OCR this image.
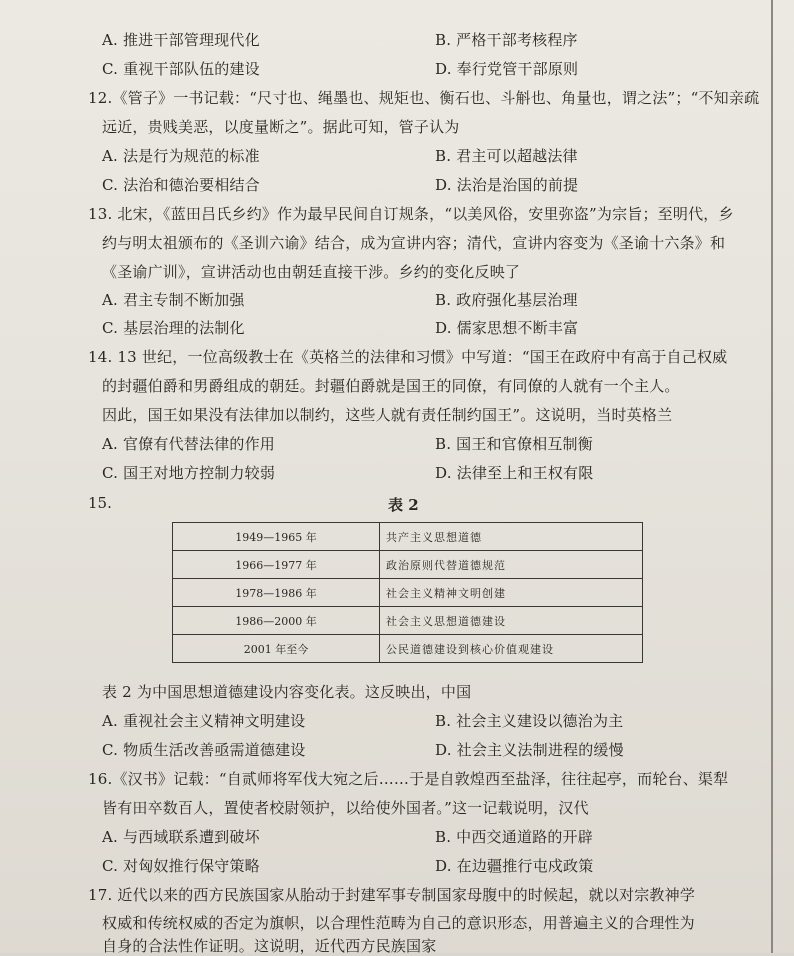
A. 推进干部管理现代化	B. 严格干部考核程序
C. 重视干部队伍的建设	D. 奉行党管干部原则
12.《管子》一书记载：“尺寸也、绳墨也、规矩也、衡石也、斗斛也、角量也，谓之法”；“不知亲疏
远近，贵贱美恶，以度量断之”。据此可知，管子认为
A. 法是行为规范的标准	B. 君主可以超越法律
C. 法治和德治要相结合	D. 法治是治国的前提
13. 北宋，《蓝田吕氏乡约》作为最早民间自订规条，“以美风俗，安里弥盗”为宗旨；至明代，乡
约与明太祖颁布的《圣训六谕》结合，成为宣讲内容；清代，宣讲内容变为《圣谕十六条》和
《圣谕广训》，宣讲活动也由朝廷直接干涉。乡约的变化反映了
A. 君主专制不断加强	B. 政府强化基层治理
C. 基层治理的法制化	D. 儒家思想不断丰富
14. 13 世纪，一位高级教士在《英格兰的法律和习惯》中写道：“国王在政府中有高于自己权威
的封疆伯爵和男爵组成的朝廷。封疆伯爵就是国王的同僚，有同僚的人就有一个主人。
因此，国王如果没有法律加以制约，这些人就有责任制约国王”。这说明，当时英格兰
A. 官僚有代替法律的作用	B. 国王和官僚相互制衡
C. 国王对地方控制力较弱	D. 法律至上和王权有限
15.	表 2
1949—1965 年	共产主义思想道德
1966—1977 年	政治原则代替道德规范
1978—1986 年	社会主义精神文明创建
1986—2000 年	社会主义思想道德建设
2001 年至今	公民道德建设到核心价值观建设
表 2 为中国思想道德建设内容变化表。这反映出，中国
A. 重视社会主义精神文明建设	B. 社会主义建设以德治为主
C. 物质生活改善亟需道德建设	D. 社会主义法制进程的缓慢
16.《汉书》记载：“自贰师将军伐大宛之后……于是自敦煌西至盐泽，往往起亭，而轮台、渠犁
皆有田卒数百人，置使者校尉领护，以给使外国者。”这一记载说明，汉代
A. 与西域联系遭到破坏	B. 中西交通道路的开辟
C. 对匈奴推行保守策略	D. 在边疆推行屯戍政策
17. 近代以来的西方民族国家从胎动于封建军事专制国家母腹中的时候起，就以对宗教神学
权威和传统权威的否定为旗帜，以合理性范畴为自己的意识形态，用普遍主义的合理性为
自身的合法性作证明。这说明，近代西方民族国家
